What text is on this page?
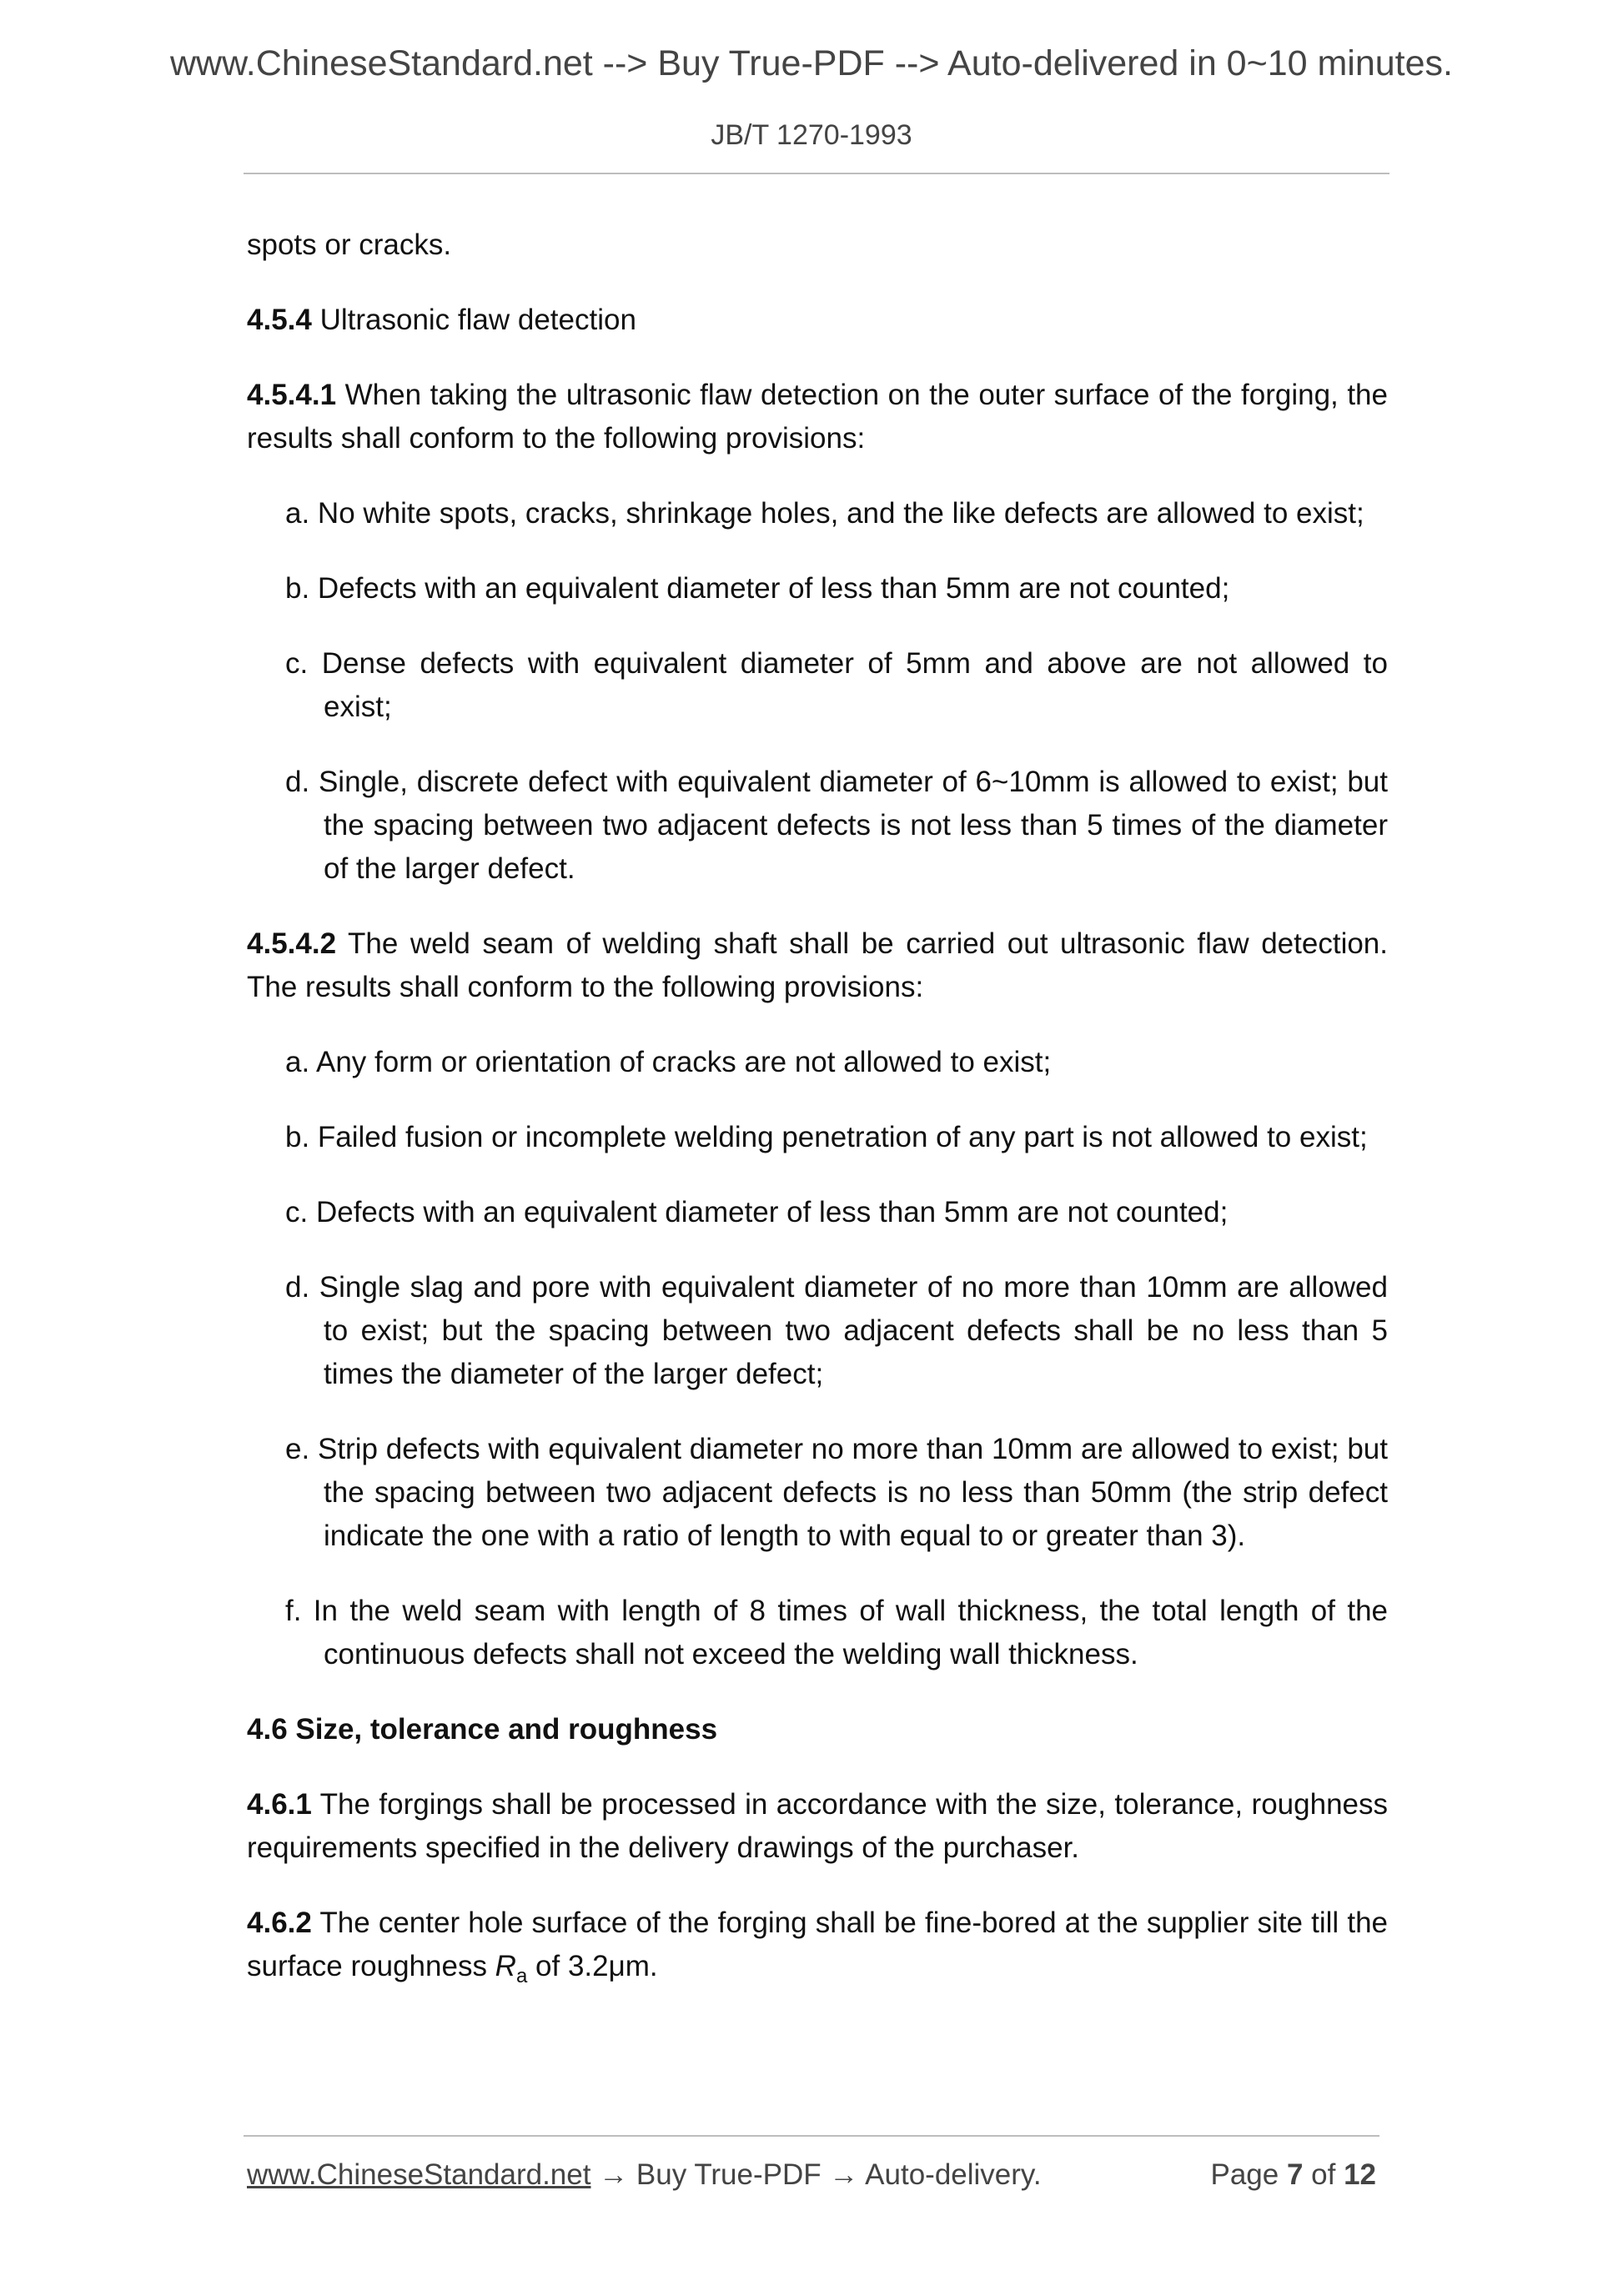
www.ChineseStandard.net --> Buy True-PDF --> Auto-delivered in 0~10 minutes.
JB/T 1270-1993

spots or cracks.

4.5.4 Ultrasonic flaw detection

4.5.4.1 When taking the ultrasonic flaw detection on the outer surface of the forging, the results shall conform to the following provisions:

a. No white spots, cracks, shrinkage holes, and the like defects are allowed to exist;

b. Defects with an equivalent diameter of less than 5mm are not counted;

c. Dense defects with equivalent diameter of 5mm and above are not allowed to exist;

d. Single, discrete defect with equivalent diameter of 6~10mm is allowed to exist; but the spacing between two adjacent defects is not less than 5 times of the diameter of the larger defect.

4.5.4.2 The weld seam of welding shaft shall be carried out ultrasonic flaw detection. The results shall conform to the following provisions:

a. Any form or orientation of cracks are not allowed to exist;

b. Failed fusion or incomplete welding penetration of any part is not allowed to exist;

c. Defects with an equivalent diameter of less than 5mm are not counted;

d. Single slag and pore with equivalent diameter of no more than 10mm are allowed to exist; but the spacing between two adjacent defects shall be no less than 5 times the diameter of the larger defect;

e. Strip defects with equivalent diameter no more than 10mm are allowed to exist; but the spacing between two adjacent defects is no less than 50mm (the strip defect indicate the one with a ratio of length to with equal to or greater than 3).

f. In the weld seam with length of 8 times of wall thickness, the total length of the continuous defects shall not exceed the welding wall thickness.

4.6 Size, tolerance and roughness

4.6.1 The forgings shall be processed in accordance with the size, tolerance, roughness requirements specified in the delivery drawings of the purchaser.

4.6.2 The center hole surface of the forging shall be fine-bored at the supplier site till the surface roughness $R_a$ of 3.2μm.

www.ChineseStandard.net → Buy True-PDF → Auto-delivery.	Page 7 of 12
